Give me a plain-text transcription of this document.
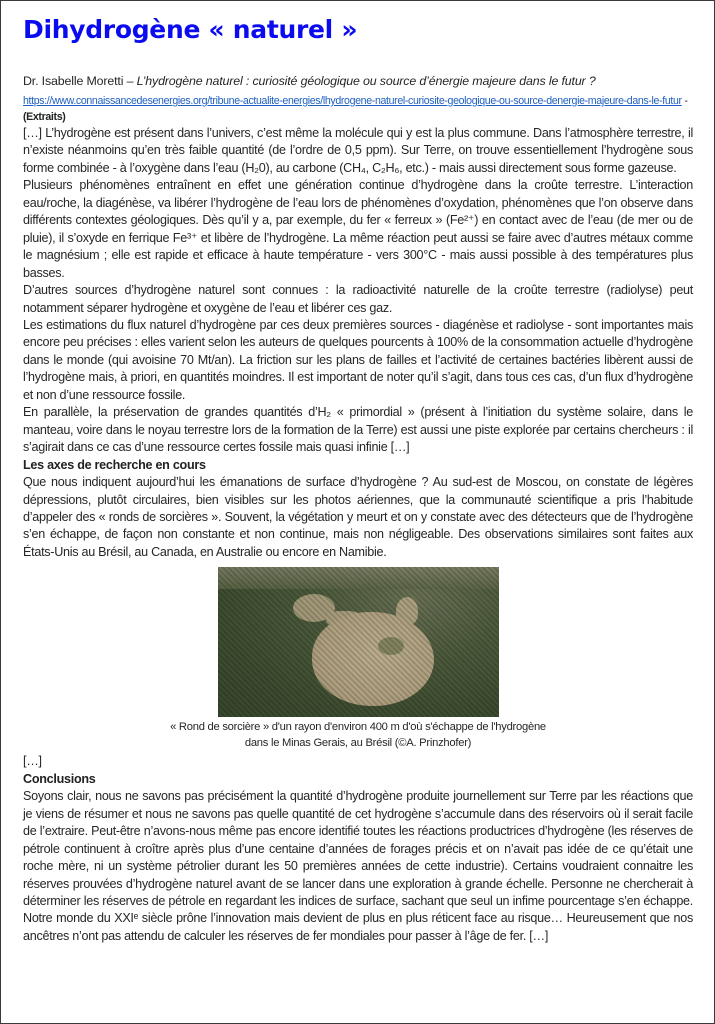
Dihydrogène « naturel »
Dr. Isabelle Moretti – L’hydrogène naturel : curiosité géologique ou source d’énergie majeure dans le futur ?
https://www.connaissancedesenergies.org/tribune-actualite-energies/lhydrogene-naturel-curiosite-geologique-ou-source-denergie-majeure-dans-le-futur - (Extraits)

[…] L’hydrogène est présent dans l’univers, c’est même la molécule qui y est la plus commune. Dans l’atmosphère terrestre, il n’existe néanmoins qu’en très faible quantité (de l’ordre de 0,5 ppm). Sur Terre, on trouve essentiellement l’hydrogène sous forme combinée - à l’oxygène dans l’eau (H₂0), au carbone (CH₄, C₂H₆, etc.) - mais aussi directement sous forme gazeuse.

Plusieurs phénomènes entraînent en effet une génération continue d’hydrogène dans la croûte terrestre. L’interaction eau/roche, la diagénèse, va libérer l’hydrogène de l’eau lors de phénomènes d’oxydation, phénomènes que l’on observe dans différents contextes géologiques. Dès qu’il y a, par exemple, du fer « ferreux » (Fe²⁺) en contact avec de l’eau (de mer ou de pluie), il s’oxyde en ferrique Fe³⁺ et libère de l’hydrogène. La même réaction peut aussi se faire avec d’autres métaux comme le magnésium ; elle est rapide et efficace à haute température - vers 300°C - mais aussi possible à des températures plus basses.

D’autres sources d’hydrogène naturel sont connues : la radioactivité naturelle de la croûte terrestre (radiolyse) peut notamment séparer hydrogène et oxygène de l’eau et libérer ces gaz.

Les estimations du flux naturel d’hydrogène par ces deux premières sources - diagénèse et radiolyse - sont importantes mais encore peu précises : elles varient selon les auteurs de quelques pourcents à 100% de la consommation actuelle d’hydrogène dans le monde (qui avoisine 70 Mt/an). La friction sur les plans de failles et l’activité de certaines bactéries libèrent aussi de l’hydrogène mais, à priori, en quantités moindres. Il est important de noter qu’il s’agit, dans tous ces cas, d’un flux d’hydrogène et non d’une ressource fossile.

En parallèle, la préservation de grandes quantités d’H₂ « primordial » (présent à l’initiation du système solaire, dans le manteau, voire dans le noyau terrestre lors de la formation de la Terre) est aussi une piste explorée par certains chercheurs : il s’agirait dans ce cas d’une ressource certes fossile mais quasi infinie […]

Les axes de recherche en cours

Que nous indiquent aujourd’hui les émanations de surface d’hydrogène ? Au sud-est de Moscou, on constate de légères dépressions, plutôt circulaires, bien visibles sur les photos aériennes, que la communauté scientifique a pris l’habitude d’appeler des « ronds de sorcières ». Souvent, la végétation y meurt et on y constate avec des détecteurs que de l’hydrogène s’en échappe, de façon non constante et non continue, mais non négligeable. Des observations similaires sont faites aux États-Unis au Brésil, au Canada, en Australie ou encore en Namibie.

« Rond de sorcière » d'un rayon d'environ 400 m d'où s'échappe de l'hydrogène
dans le Minas Gerais, au Brésil (©A. Prinzhofer)

[…]

Conclusions

Soyons clair, nous ne savons pas précisément la quantité d’hydrogène produite journellement sur Terre par les réactions que je viens de résumer et nous ne savons pas quelle quantité de cet hydrogène s’accumule dans des réservoirs où il serait facile de l’extraire. Peut-être n’avons-nous même pas encore identifié toutes les réactions productrices d’hydrogène (les réserves de pétrole continuent à croître après plus d’une centaine d’années de forages précis et on n’avait pas idée de ce qu’était une roche mère, ni un système pétrolier durant les 50 premières années de cette industrie). Certains voudraient connaitre les réserves prouvées d’hydrogène naturel avant de se lancer dans une exploration à grande échelle. Personne ne chercherait à déterminer les réserves de pétrole en regardant les indices de surface, sachant que seul un infime pourcentage s’en échappe. Notre monde du XXIᵉ siècle prône l’innovation mais devient de plus en plus réticent face au risque… Heureusement que nos ancêtres n’ont pas attendu de calculer les réserves de fer mondiales pour passer à l’âge de fer. […]
